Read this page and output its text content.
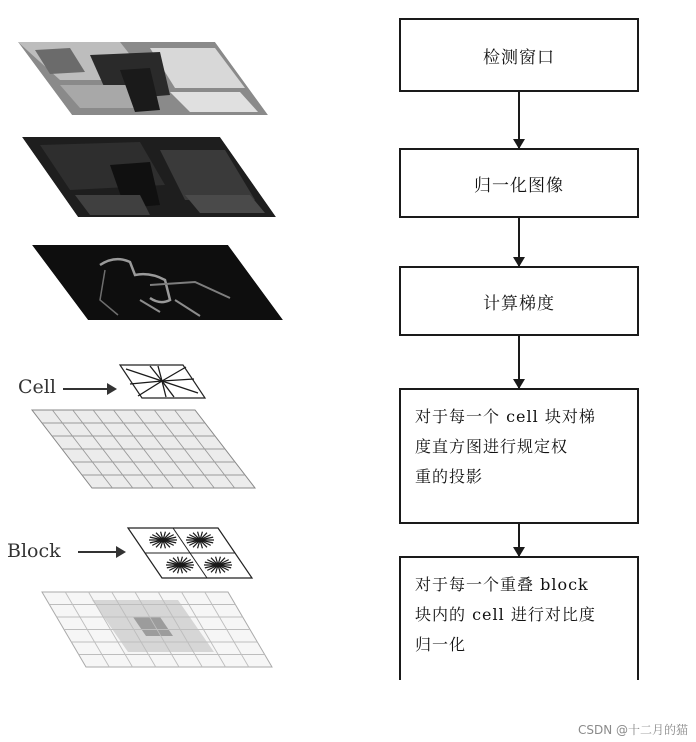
Cell
Block
检测窗口
归一化图像
计算梯度
对于每一个 cell 块对梯
度直方图进行规定权
重的投影
对于每一个重叠 block
块内的 cell 进行对比度
归一化
CSDN @十二月的猫
